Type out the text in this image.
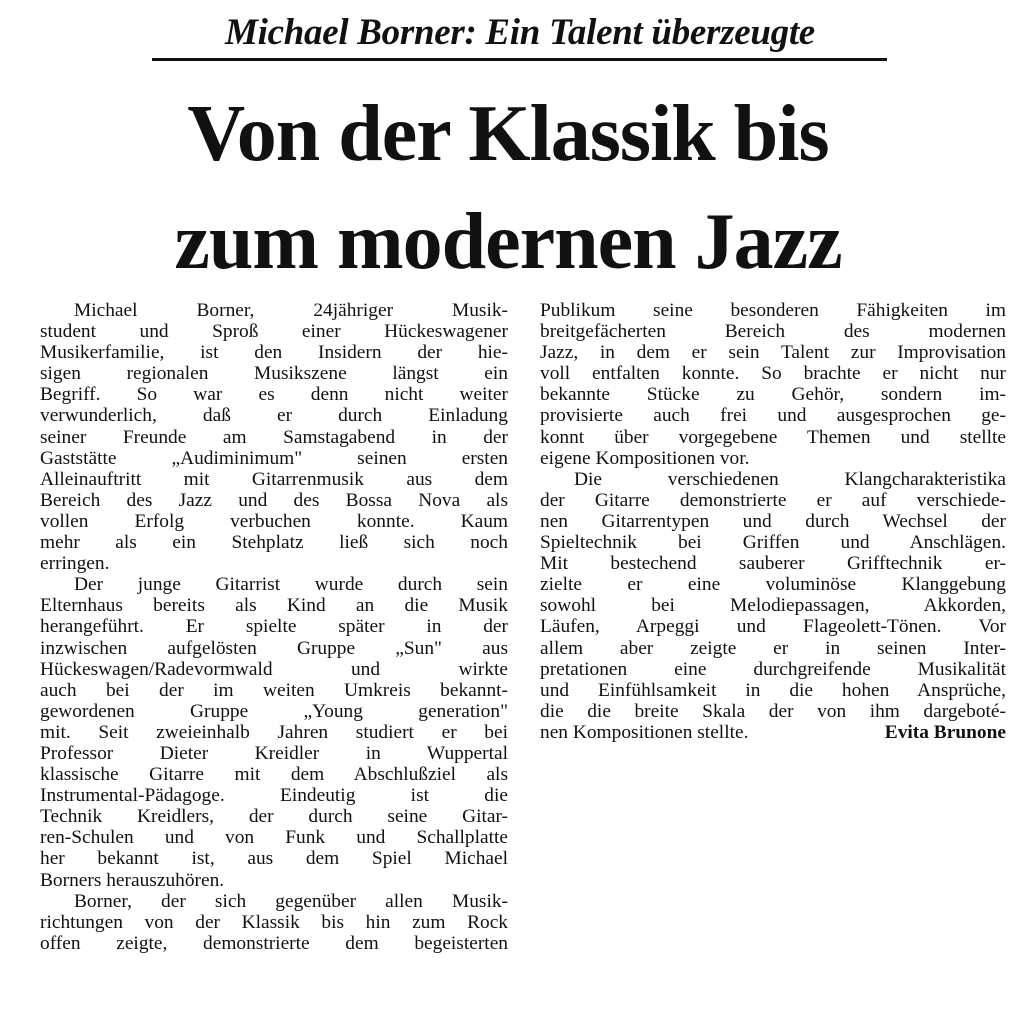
Michael Borner: Ein Talent überzeugte
Von der Klassik bis
zum modernen Jazz
Michael Borner, 24jähriger Musik-
student und Sproß einer Hückeswagener
Musikerfamilie, ist den Insidern der hie-
sigen regionalen Musikszene längst ein
Begriff. So war es denn nicht weiter
verwunderlich, daß er durch Einladung
seiner Freunde am Samstagabend in der
Gaststätte „Audiminimum" seinen ersten
Alleinauftritt mit Gitarrenmusik aus dem
Bereich des Jazz und des Bossa Nova als
vollen Erfolg verbuchen konnte. Kaum
mehr als ein Stehplatz ließ sich noch
erringen.
Der junge Gitarrist wurde durch sein
Elternhaus bereits als Kind an die Musik
herangeführt. Er spielte später in der
inzwischen aufgelösten Gruppe „Sun" aus
Hückeswagen/Radevormwald und wirkte
auch bei der im weiten Umkreis bekannt-
gewordenen Gruppe „Young generation"
mit. Seit zweieinhalb Jahren studiert er bei
Professor Dieter Kreidler in Wuppertal
klassische Gitarre mit dem Abschlußziel als
Instrumental-Pädagoge. Eindeutig ist die
Technik Kreidlers, der durch seine Gitar-
ren-Schulen und von Funk und Schallplatte
her bekannt ist, aus dem Spiel Michael
Borners herauszuhören.
Borner, der sich gegenüber allen Musik-
richtungen von der Klassik bis hin zum Rock
offen zeigte, demonstrierte dem begeisterten
Publikum seine besonderen Fähigkeiten im
breitgefächerten Bereich des modernen
Jazz, in dem er sein Talent zur Improvisation
voll entfalten konnte. So brachte er nicht nur
bekannte Stücke zu Gehör, sondern im-
provisierte auch frei und ausgesprochen ge-
konnt über vorgegebene Themen und stellte
eigene Kompositionen vor.
Die verschiedenen Klangcharakteristika
der Gitarre demonstrierte er auf verschiede-
nen Gitarrentypen und durch Wechsel der
Spieltechnik bei Griffen und Anschlägen.
Mit bestechend sauberer Grifftechnik er-
zielte er eine voluminöse Klanggebung
sowohl bei Melodiepassagen, Akkorden,
Läufen, Arpeggi und Flageolett-Tönen. Vor
allem aber zeigte er in seinen Inter-
pretationen eine durchgreifende Musikalität
und Einfühlsamkeit in die hohen Ansprüche,
die die breite Skala der von ihm dargeboté-
nen Kompositionen stellte.	Evita Brunone
